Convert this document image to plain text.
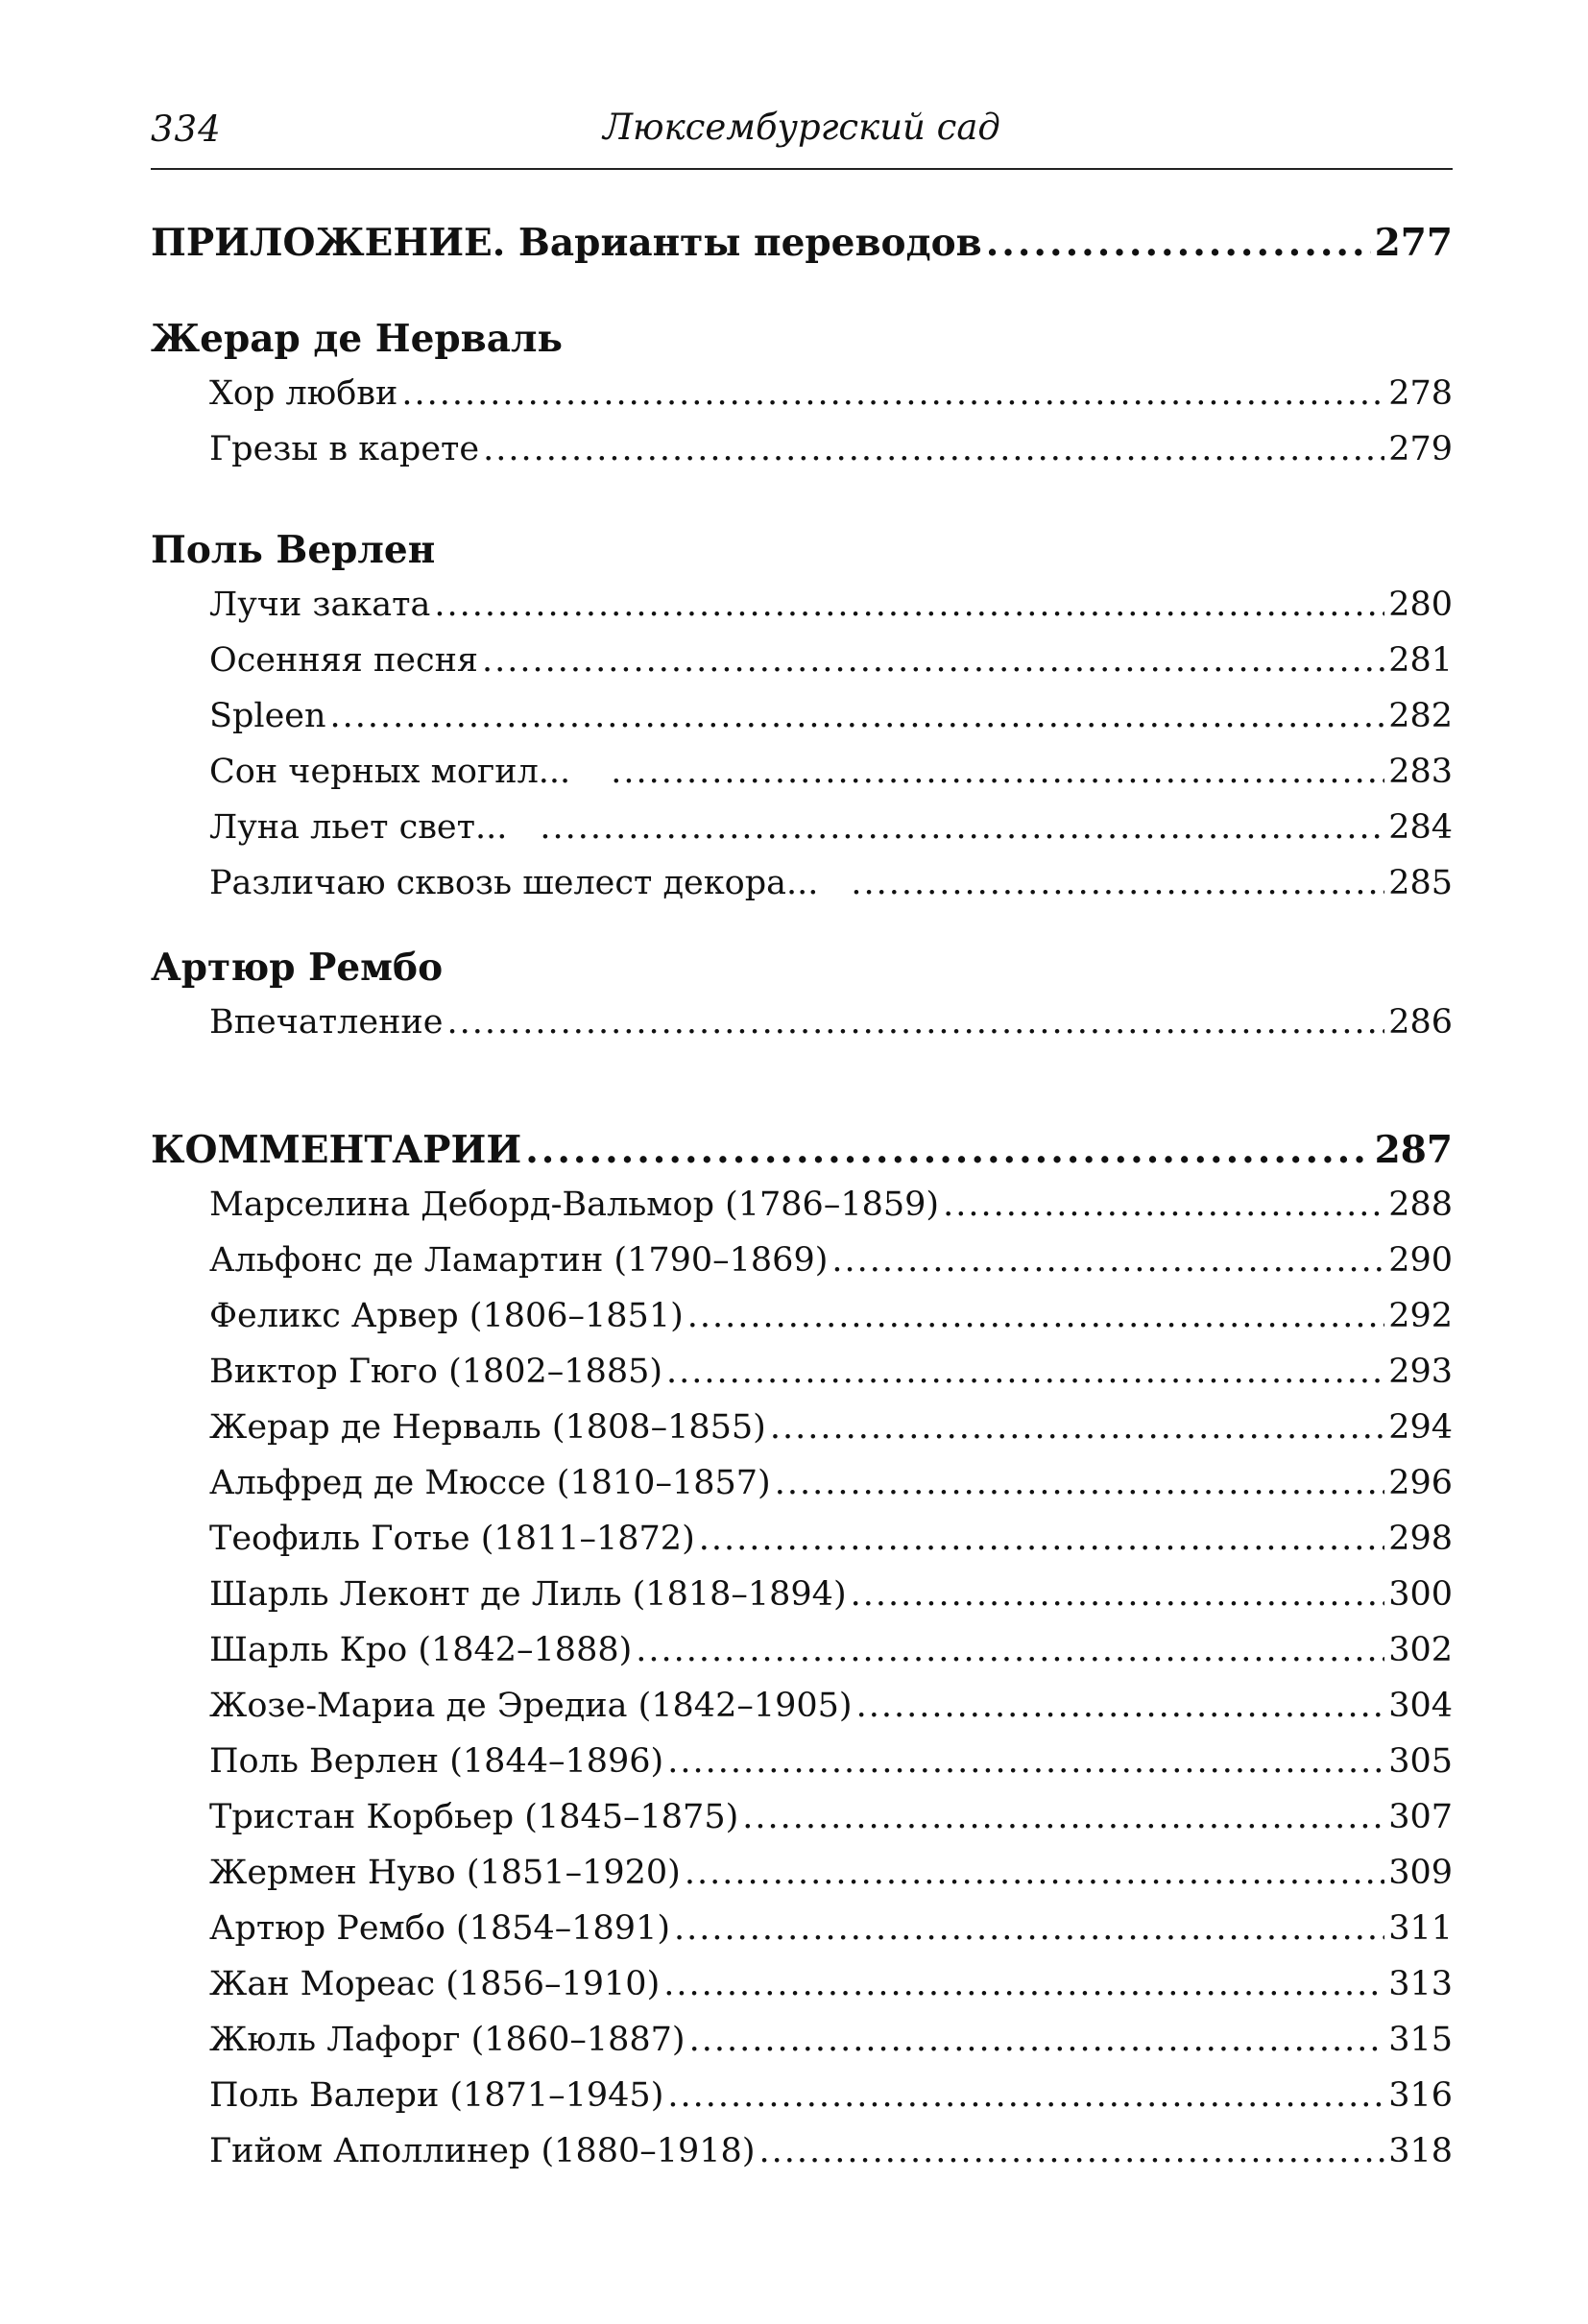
334	Люксембургский сад
ПРИЛОЖЕНИЕ. Варианты переводов .....	277
Жерар де Нерваль
Хор любви .....	278
Грезы в карете .....	279
Поль Верлен
Лучи заката .....	280
Осенняя песня .....	281
Spleen .....	282
Сон черных могил... .....	283
Луна льет свет... .....	284
Различаю сквозь шелест декора... .....	285
Артюр Рембо
Впечатление .....	286
КОММЕНТАРИИ .....	287
Марселина Деборд-Вальмор (1786–1859) .....	288
Альфонс де Ламартин (1790–1869) .....	290
Феликс Арвер (1806–1851) .....	292
Виктор Гюго (1802–1885) .....	293
Жерар де Нерваль (1808–1855) .....	294
Альфред де Мюссе (1810–1857) .....	296
Теофиль Готье (1811–1872) .....	298
Шарль Леконт де Лиль (1818–1894) .....	300
Шарль Кро (1842–1888) .....	302
Жозе-Мариа де Эредиа (1842–1905) .....	304
Поль Верлен (1844–1896) .....	305
Тристан Корбьер (1845–1875) .....	307
Жермен Нуво (1851–1920) .....	309
Артюр Рембо (1854–1891) .....	311
Жан Мореас (1856–1910) .....	313
Жюль Лафорг (1860–1887) .....	315
Поль Валери (1871–1945) .....	316
Гийом Аполлинер (1880–1918) .....	318
